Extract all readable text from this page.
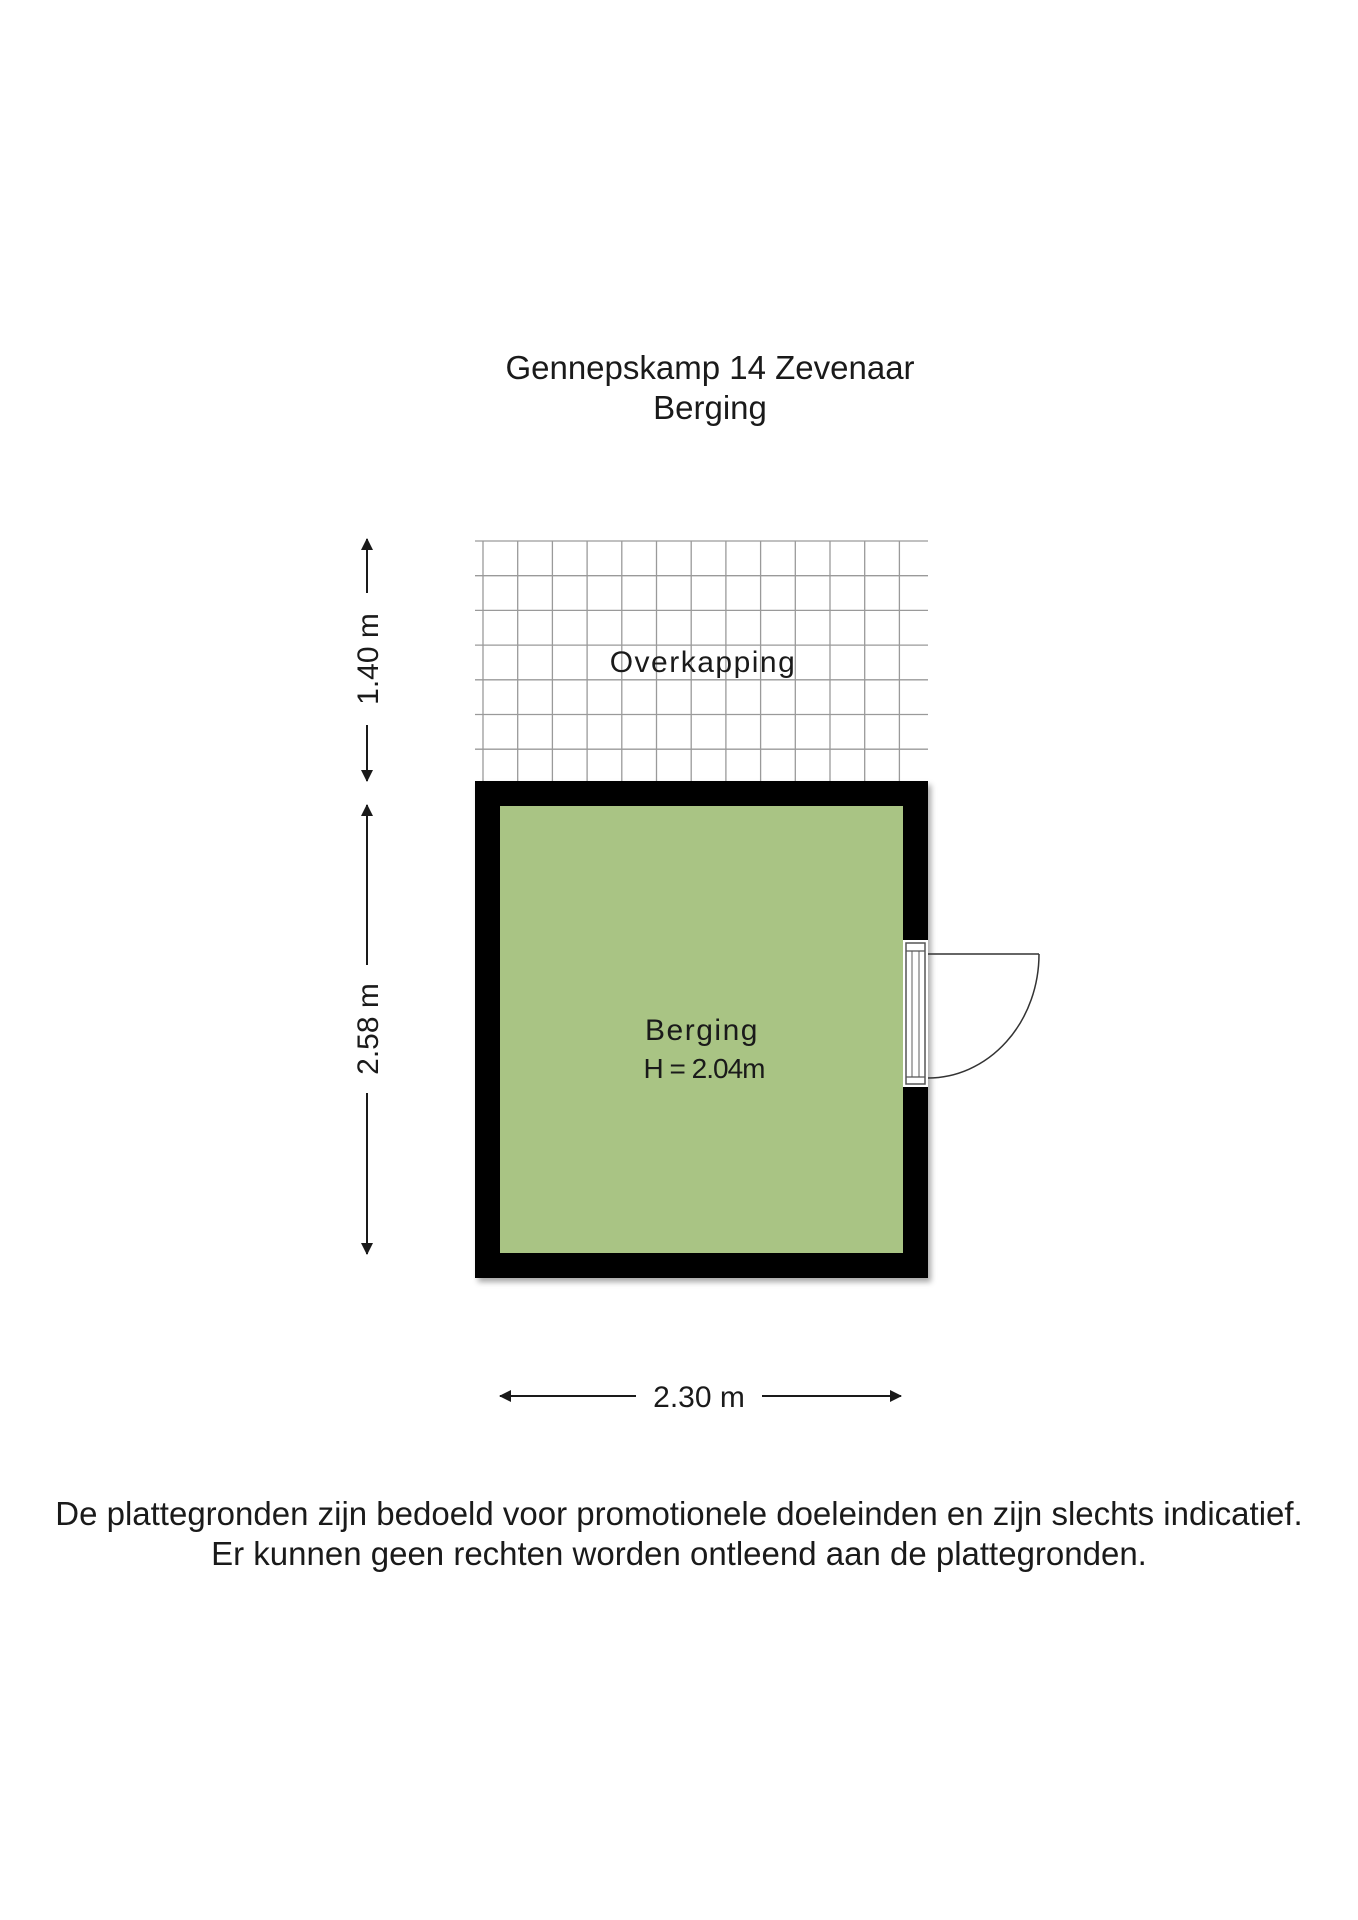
Gennepskamp 14 Zevenaar
Berging
Overkapping
Berging
H = 2.04m
1.40 m
2.58 m
2.30 m
De plattegronden zijn bedoeld voor promotionele doeleinden en zijn slechts indicatief.
Er kunnen geen rechten worden ontleend aan de plattegronden.
